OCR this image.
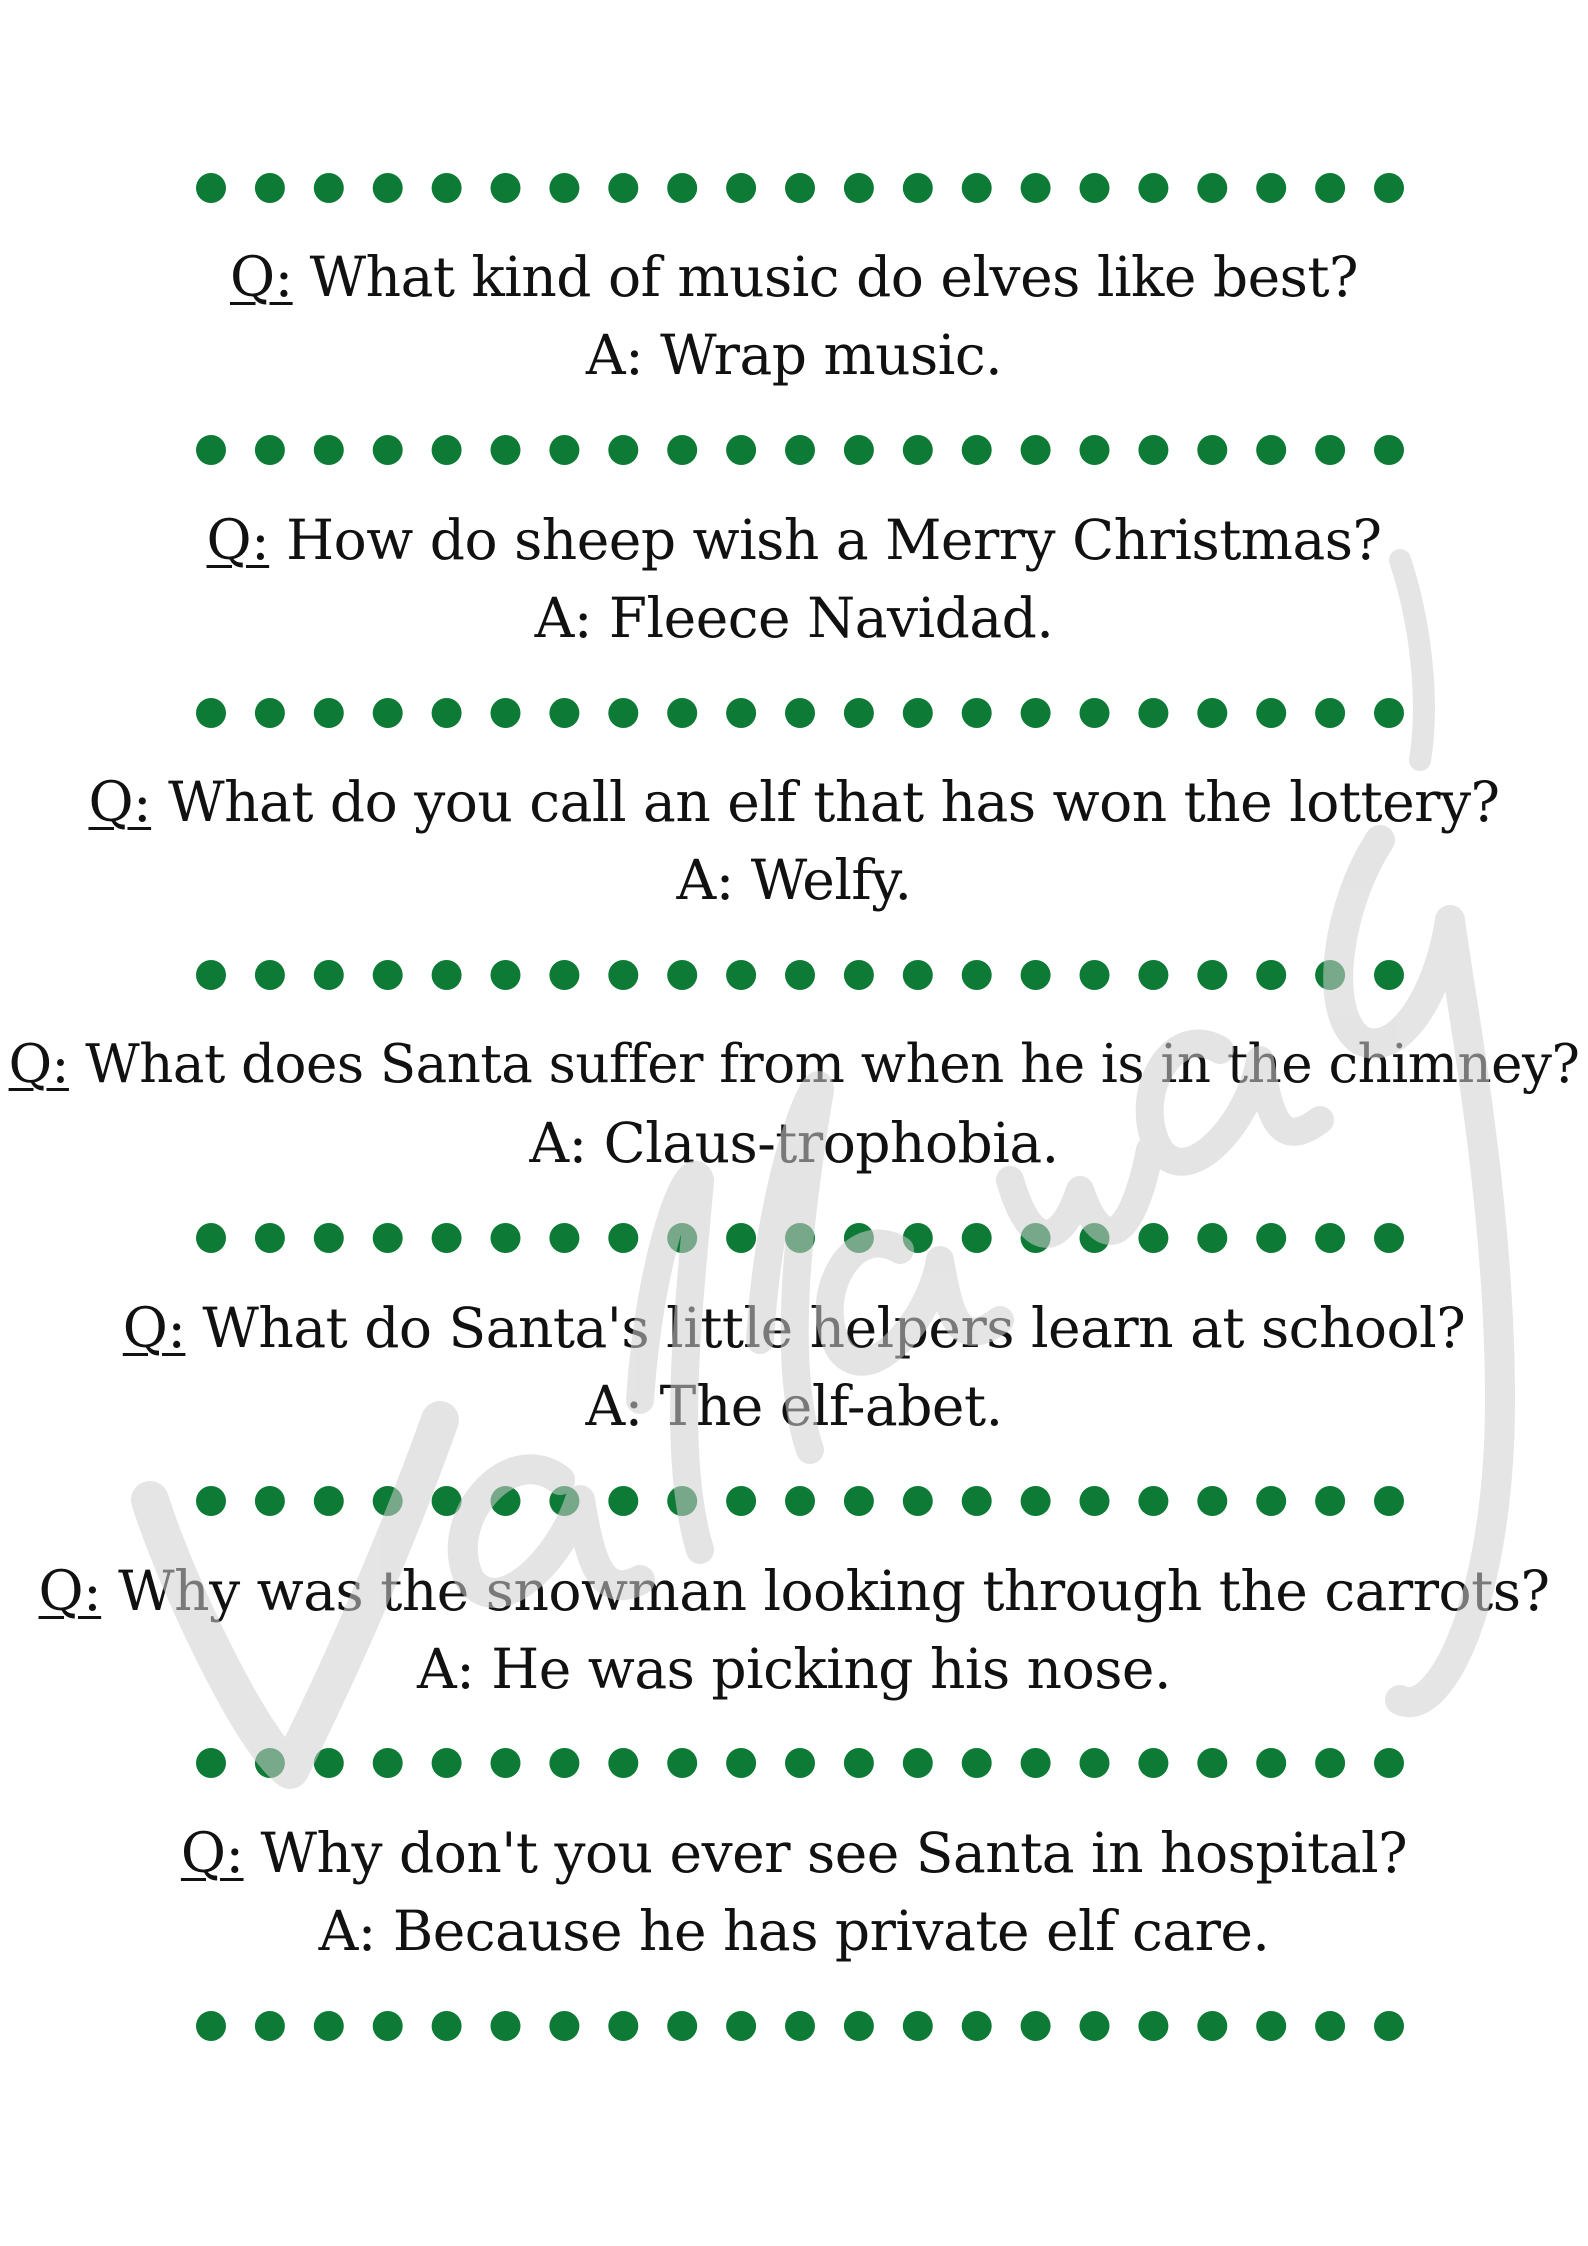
Q: What kind of music do elves like best?
A: Wrap music.
Q: How do sheep wish a Merry Christmas?
A: Fleece Navidad.
Q: What do you call an elf that has won the lottery?
A: Welfy.
Q: What does Santa suffer from when he is in the chimney?
A: Claus-trophobia.
Q: What do Santa's little helpers learn at school?
A: The elf-abet.
Q: Why was the snowman looking through the carrots?
A: He was picking his nose.
Q: Why don't you ever see Santa in hospital?
A: Because he has private elf care.
